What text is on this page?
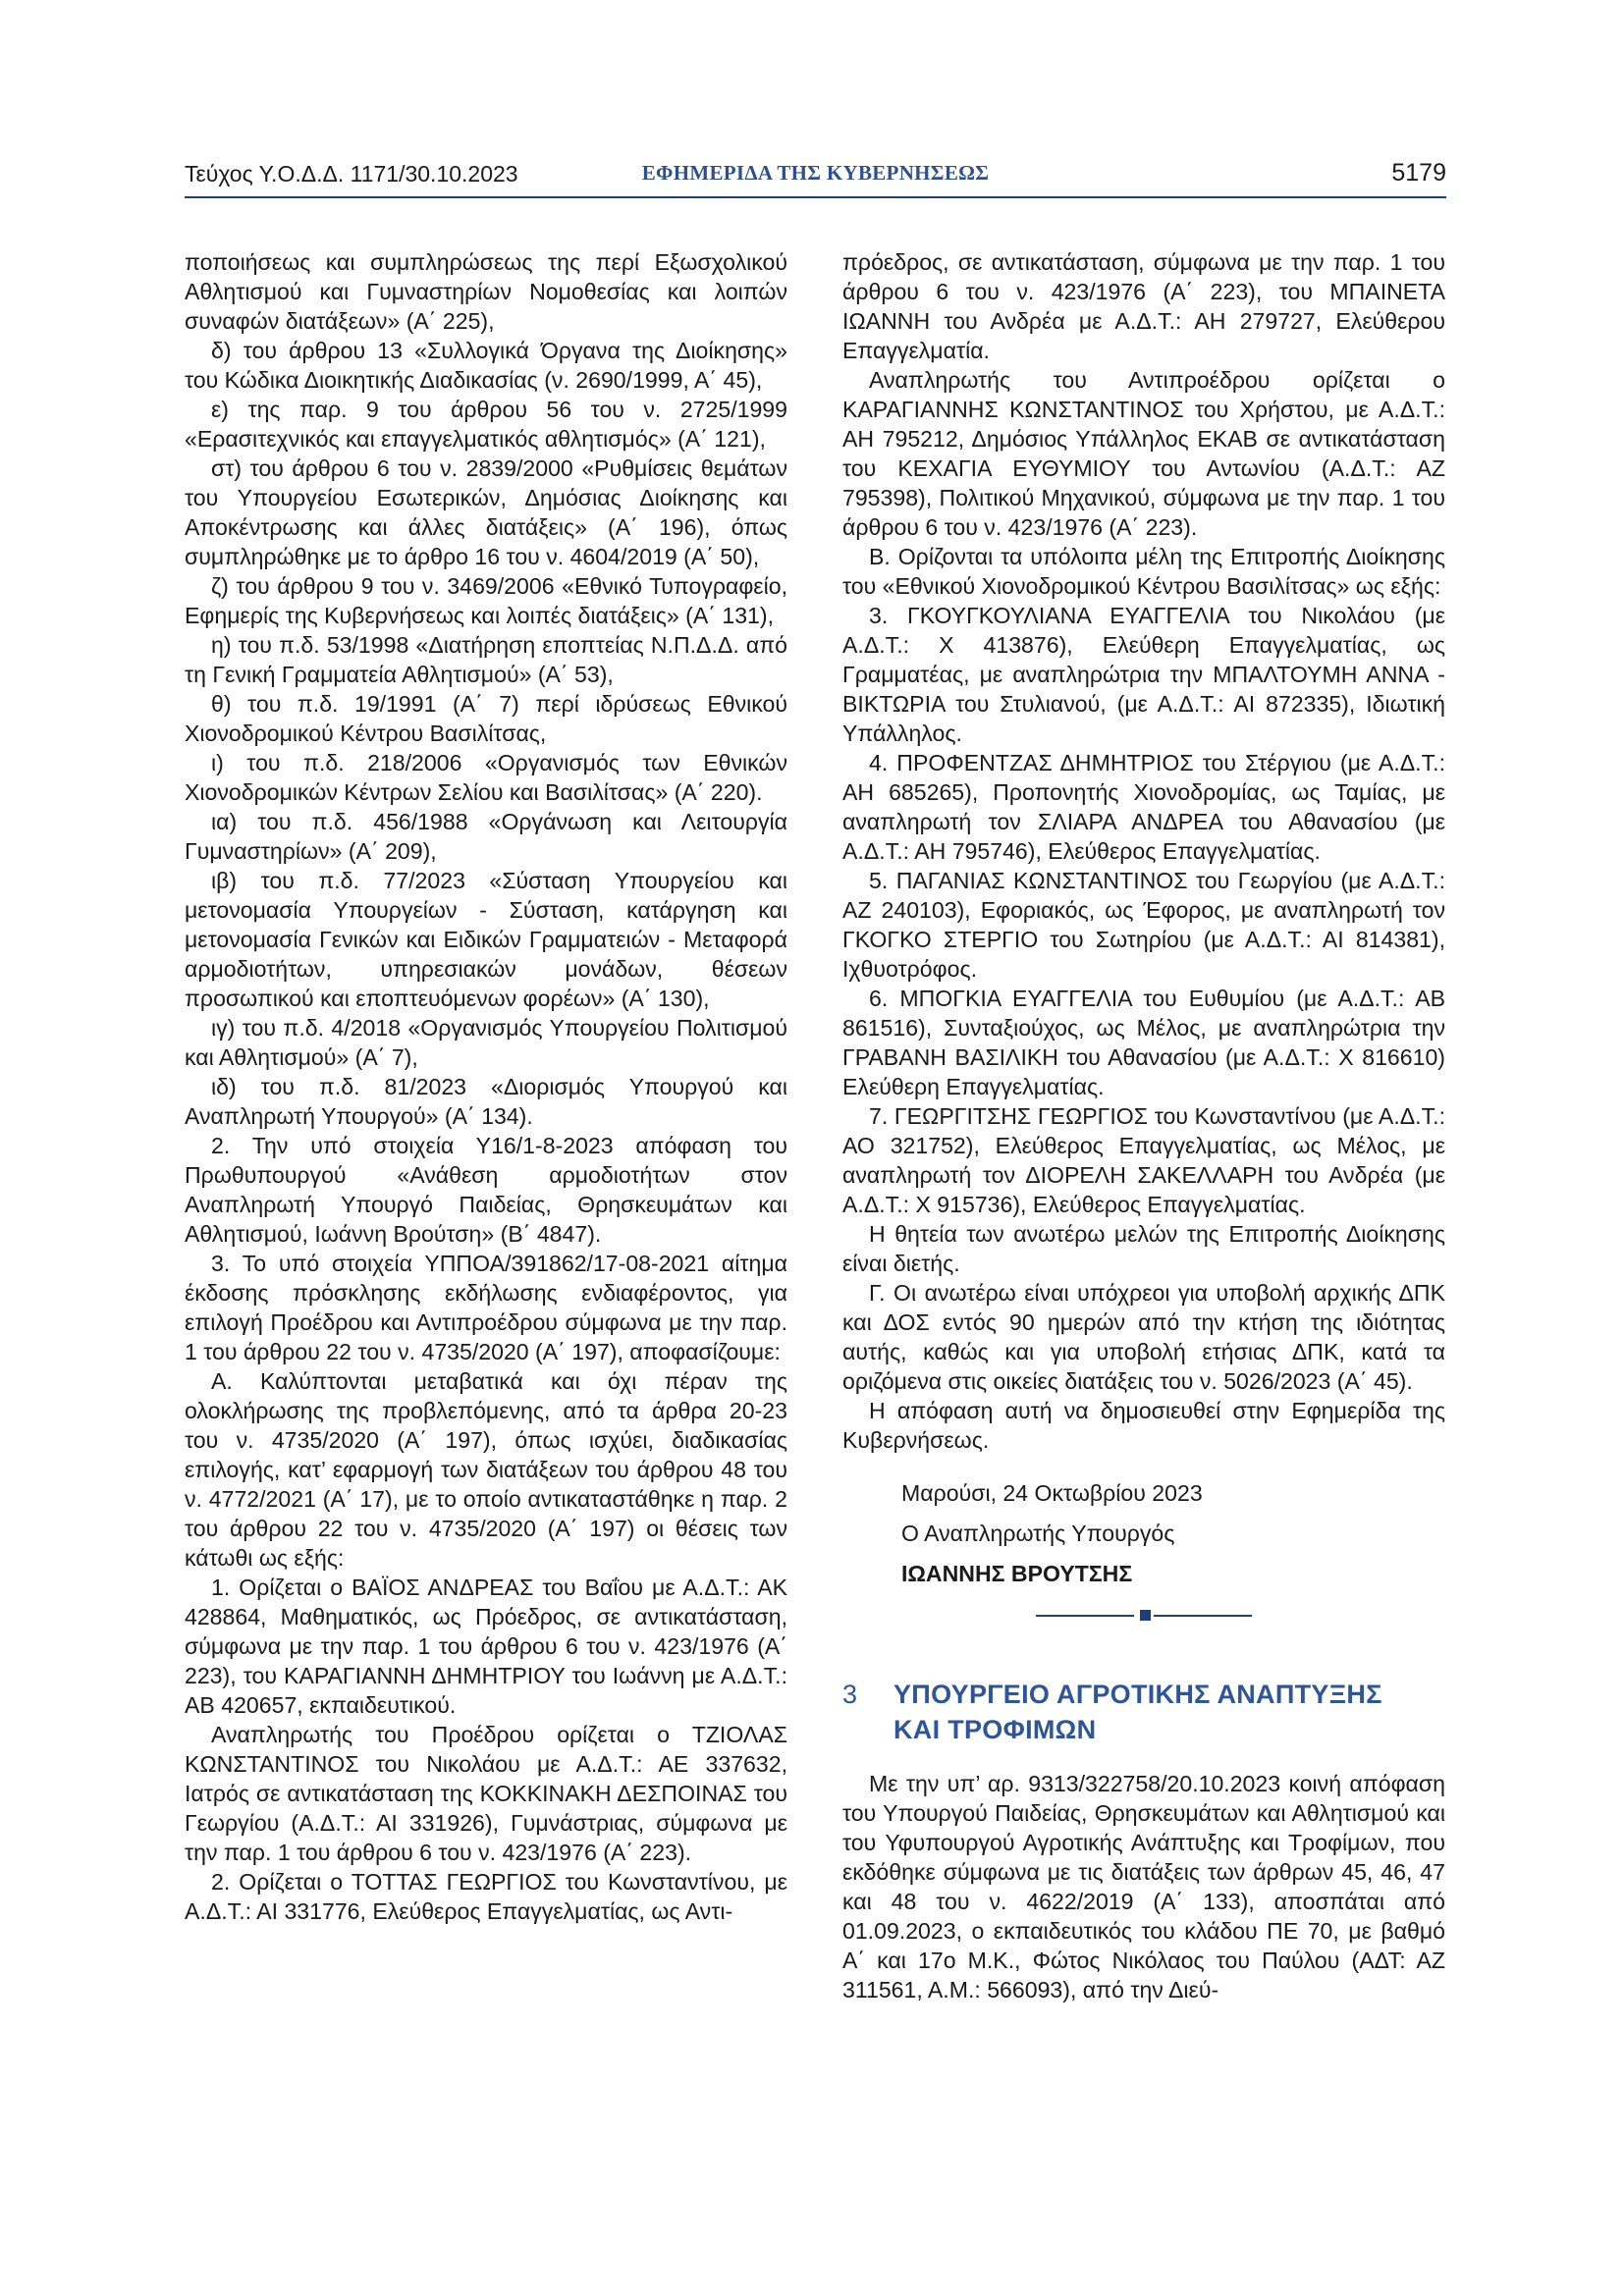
Τεύχος Υ.Ο.Δ.Δ. 1171/30.10.2023	ΕΦΗΜΕΡΙΔΑ ΤΗΣ ΚΥΒΕΡΝΗΣΕΩΣ	5179

ποποιήσεως και συμπληρώσεως της περί Εξωσχολικού Αθλητισμού και Γυμναστηρίων Νομοθεσίας και λοιπών συναφών διατάξεων» (Α΄ 225),

δ) του άρθρου 13 «Συλλογικά Όργανα της Διοίκησης» του Κώδικα Διοικητικής Διαδικασίας (ν. 2690/1999, Α΄ 45),

ε) της παρ. 9 του άρθρου 56 του ν. 2725/1999 «Ερασιτεχνικός και επαγγελματικός αθλητισμός» (Α΄ 121),

στ) του άρθρου 6 του ν. 2839/2000 «Ρυθμίσεις θεμάτων του Υπουργείου Εσωτερικών, Δημόσιας Διοίκησης και Αποκέντρωσης και άλλες διατάξεις» (Α΄ 196), όπως συμπληρώθηκε με το άρθρο 16 του ν. 4604/2019 (Α΄ 50),

ζ) του άρθρου 9 του ν. 3469/2006 «Εθνικό Τυπογραφείο, Εφημερίς της Κυβερνήσεως και λοιπές διατάξεις» (Α΄ 131),

η) του π.δ. 53/1998 «Διατήρηση εποπτείας Ν.Π.Δ.Δ. από τη Γενική Γραμματεία Αθλητισμού» (Α΄ 53),

θ) του π.δ. 19/1991 (Α΄ 7) περί ιδρύσεως Εθνικού Χιονοδρομικού Κέντρου Βασιλίτσας,

ι) του π.δ. 218/2006 «Οργανισμός των Εθνικών Χιονοδρομικών Κέντρων Σελίου και Βασιλίτσας» (Α΄ 220).

ια) του π.δ. 456/1988 «Οργάνωση και Λειτουργία Γυμναστηρίων» (Α΄ 209),

ιβ) του π.δ. 77/2023 «Σύσταση Υπουργείου και μετονομασία Υπουργείων - Σύσταση, κατάργηση και μετονομασία Γενικών και Ειδικών Γραμματειών - Μεταφορά αρμοδιοτήτων, υπηρεσιακών μονάδων, θέσεων προσωπικού και εποπτευόμενων φορέων» (Α΄ 130),

ιγ) του π.δ. 4/2018 «Οργανισμός Υπουργείου Πολιτισμού και Αθλητισμού» (Α΄ 7),

ιδ) του π.δ. 81/2023 «Διορισμός Υπουργού και Αναπληρωτή Υπουργού» (Α΄ 134).

2. Την υπό στοιχεία Υ16/1-8-2023 απόφαση του Πρωθυπουργού «Ανάθεση αρμοδιοτήτων στον Αναπληρωτή Υπουργό Παιδείας, Θρησκευμάτων και Αθλητισμού, Ιωάννη Βρούτση» (Β΄ 4847).

3. Το υπό στοιχεία ΥΠΠΟΑ/391862/17-08-2021 αίτημα έκδοσης πρόσκλησης εκδήλωσης ενδιαφέροντος, για επιλογή Προέδρου και Αντιπροέδρου σύμφωνα με την παρ. 1 του άρθρου 22 του ν. 4735/2020 (Α΄ 197), αποφασίζουμε:

Α. Καλύπτονται μεταβατικά και όχι πέραν της ολοκλήρωσης της προβλεπόμενης, από τα άρθρα 20-23 του ν. 4735/2020 (Α΄ 197), όπως ισχύει, διαδικασίας επιλογής, κατ’ εφαρμογή των διατάξεων του άρθρου 48 του ν. 4772/2021 (Α΄ 17), με το οποίο αντικαταστάθηκε η παρ. 2 του άρθρου 22 του ν. 4735/2020 (Α΄ 197) οι θέσεις των κάτωθι ως εξής:

1. Ορίζεται ο ΒΑΪΟΣ ΑΝΔΡΕΑΣ του Βαΐου με Α.Δ.Τ.: ΑΚ 428864, Μαθηματικός, ως Πρόεδρος, σε αντικατάσταση, σύμφωνα με την παρ. 1 του άρθρου 6 του ν. 423/1976 (Α΄ 223), του ΚΑΡΑΓΙΑΝΝΗ ΔΗΜΗΤΡΙΟΥ του Ιωάννη με Α.Δ.Τ.: ΑΒ 420657, εκπαιδευτικού.

Αναπληρωτής του Προέδρου ορίζεται ο ΤΖΙΟΛΑΣ ΚΩΝΣΤΑΝΤΙΝΟΣ του Νικολάου με Α.Δ.Τ.: ΑΕ 337632, Ιατρός σε αντικατάσταση της ΚΟΚΚΙΝΑΚΗ ΔΕΣΠΟΙΝΑΣ του Γεωργίου (Α.Δ.Τ.: ΑΙ 331926), Γυμνάστριας, σύμφωνα με την παρ. 1 του άρθρου 6 του ν. 423/1976 (Α΄ 223).

2. Ορίζεται ο ΤΟΤΤΑΣ ΓΕΩΡΓΙΟΣ του Κωνσταντίνου, με Α.Δ.Τ.: ΑΙ 331776, Ελεύθερος Επαγγελματίας, ως Αντι-

πρόεδρος, σε αντικατάσταση, σύμφωνα με την παρ. 1 του άρθρου 6 του ν. 423/1976 (Α΄ 223), του ΜΠΑΙΝΕΤΑ ΙΩΑΝΝΗ του Ανδρέα με Α.Δ.Τ.: ΑΗ 279727, Ελεύθερου Επαγγελματία.

Αναπληρωτής του Αντιπροέδρου ορίζεται ο ΚΑΡΑΓΙΑΝΝΗΣ ΚΩΝΣΤΑΝΤΙΝΟΣ του Χρήστου, με Α.Δ.Τ.: ΑΗ 795212, Δημόσιος Υπάλληλος ΕΚΑΒ σε αντικατάσταση του ΚΕΧΑΓΙΑ ΕΥΘΥΜΙΟΥ του Αντωνίου (Α.Δ.Τ.: ΑΖ 795398), Πολιτικού Μηχανικού, σύμφωνα με την παρ. 1 του άρθρου 6 του ν. 423/1976 (Α΄ 223).

Β. Ορίζονται τα υπόλοιπα μέλη της Επιτροπής Διοίκησης του «Εθνικού Χιονοδρομικού Κέντρου Βασιλίτσας» ως εξής:

3. ΓΚΟΥΓΚΟΥΛΙΑΝΑ ΕΥΑΓΓΕΛΙΑ του Νικολάου (με Α.Δ.Τ.: Χ 413876), Ελεύθερη Επαγγελματίας, ως Γραμματέας, με αναπληρώτρια την ΜΠΑΛΤΟΥΜΗ ΑΝΝΑ - ΒΙΚΤΩΡΙΑ του Στυλιανού, (με Α.Δ.Τ.: ΑΙ 872335), Ιδιωτική Υπάλληλος.

4. ΠΡΟΦΕΝΤΖΑΣ ΔΗΜΗΤΡΙΟΣ του Στέργιου (με Α.Δ.Τ.: ΑΗ 685265), Προπονητής Χιονοδρομίας, ως Ταμίας, με αναπληρωτή τον ΣΛΙΑΡΑ ΑΝΔΡΕΑ του Αθανασίου (με Α.Δ.Τ.: ΑΗ 795746), Ελεύθερος Επαγγελματίας.

5. ΠΑΓΑΝΙΑΣ ΚΩΝΣΤΑΝΤΙΝΟΣ του Γεωργίου (με Α.Δ.Τ.: ΑΖ 240103), Εφοριακός, ως Έφορος, με αναπληρωτή τον ΓΚΟΓΚΟ ΣΤΕΡΓΙΟ του Σωτηρίου (με Α.Δ.Τ.: ΑΙ 814381), Ιχθυοτρόφος.

6. ΜΠΟΓΚΙΑ ΕΥΑΓΓΕΛΙΑ του Ευθυμίου (με Α.Δ.Τ.: ΑΒ 861516), Συνταξιούχος, ως Μέλος, με αναπληρώτρια την ΓΡΑΒΑΝΗ ΒΑΣΙΛΙΚΗ του Αθανασίου (με Α.Δ.Τ.: Χ 816610) Ελεύθερη Επαγγελματίας.

7. ΓΕΩΡΓΙΤΣΗΣ ΓΕΩΡΓΙΟΣ του Κωνσταντίνου (με Α.Δ.Τ.: ΑΟ 321752), Ελεύθερος Επαγγελματίας, ως Μέλος, με αναπληρωτή τον ΔΙΟΡΕΛΗ ΣΑΚΕΛΛΑΡΗ του Ανδρέα (με Α.Δ.Τ.: Χ 915736), Ελεύθερος Επαγγελματίας.

Η θητεία των ανωτέρω μελών της Επιτροπής Διοίκησης είναι διετής.

Γ. Οι ανωτέρω είναι υπόχρεοι για υποβολή αρχικής ΔΠΚ και ΔΟΣ εντός 90 ημερών από την κτήση της ιδιότητας αυτής, καθώς και για υποβολή ετήσιας ΔΠΚ, κατά τα οριζόμενα στις οικείες διατάξεις του ν. 5026/2023 (Α΄ 45).

Η απόφαση αυτή να δημοσιευθεί στην Εφημερίδα της Κυβερνήσεως.

Μαρούσι, 24 Οκτωβρίου 2023

Ο Αναπληρωτής Υπουργός

ΙΩΑΝΝΗΣ ΒΡΟΥΤΣΗΣ

3 ΥΠΟΥΡΓΕΙΟ ΑΓΡΟΤΙΚΗΣ ΑΝΑΠΤΥΞΗΣ
ΚΑΙ ΤΡΟΦΙΜΩΝ

Με την υπ’ αρ. 9313/322758/20.10.2023 κοινή απόφαση του Υπουργού Παιδείας, Θρησκευμάτων και Αθλητισμού και του Υφυπουργού Αγροτικής Ανάπτυξης και Τροφίμων, που εκδόθηκε σύμφωνα με τις διατάξεις των άρθρων 45, 46, 47 και 48 του ν. 4622/2019 (Α΄ 133), αποσπάται από 01.09.2023, ο εκπαιδευτικός του κλάδου ΠΕ 70, με βαθμό Α΄ και 17ο Μ.Κ., Φώτος Νικόλαος του Παύλου (ΑΔΤ: ΑΖ 311561, Α.Μ.: 566093), από την Διεύ-
